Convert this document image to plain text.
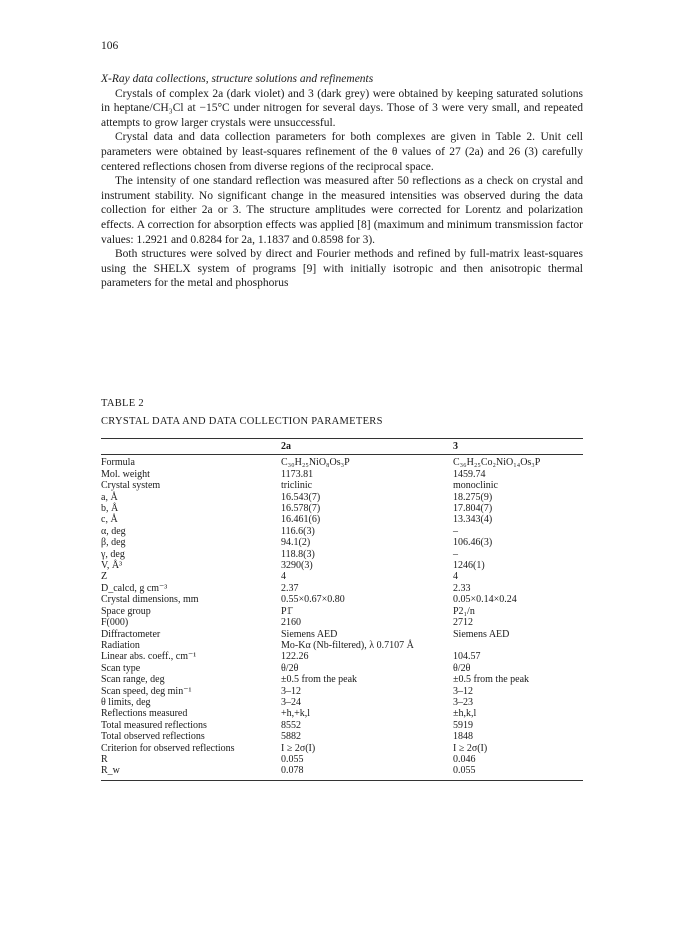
106

X-Ray data collections, structure solutions and refinements

Crystals of complex 2a (dark violet) and 3 (dark grey) were obtained by keeping saturated solutions in heptane/CH₃Cl at −15°C under nitrogen for several days. Those of 3 were very small, and repeated attempts to grow larger crystals were unsuccessful.

Crystal data and data collection parameters for both complexes are given in Table 2. Unit cell parameters were obtained by least-squares refinement of the θ values of 27 (2a) and 26 (3) carefully centered reflections chosen from diverse regions of the reciprocal space.

The intensity of one standard reflection was measured after 50 reflections as a check on crystal and instrument stability. No significant change in the measured intensities was observed during the data collection for either 2a or 3. The structure amplitudes were corrected for Lorentz and polarization effects. A correction for absorption effects was applied [8] (maximum and minimum transmission factor values: 1.2921 and 0.8284 for 2a, 1.1837 and 0.8598 for 3).

Both structures were solved by direct and Fourier methods and refined by full-matrix least-squares using the SHELX system of programs [9] with initially isotropic and then anisotropic thermal parameters for the metal and phosphorus

TABLE 2
CRYSTAL DATA AND DATA COLLECTION PARAMETERS
	2a	3
Formula	C₃₀H₂₅NiO₈Os₃P	C₃₆H₂₅Co₂NiO₁₄Os₃P
Mol. weight	1173.81	1459.74
Crystal system	triclinic	monoclinic
a, Å	16.543(7)	18.275(9)
b, Å	16.578(7)	17.804(7)
c, Å	16.461(6)	13.343(4)
α, deg	116.6(3)	–
β, deg	94.1(2)	106.46(3)
γ, deg	118.8(3)	–
V, Å³	3290(3)	1246(1)
Z	4	4
D_calcd, g cm⁻³	2.37	2.33
Crystal dimensions, mm	0.55×0.67×0.80	0.05×0.14×0.24
Space group	P1̄	P2₁/n
F(000)	2160	2712
Diffractometer	Siemens AED	Siemens AED
Radiation	Mo-Kα (Nb-filtered), λ 0.7107 Å	
Linear abs. coeff., cm⁻¹	122.26	104.57
Scan type	θ/2θ	θ/2θ
Scan range, deg	±0.5 from the peak	±0.5 from the peak
Scan speed, deg min⁻¹	3–12	3–12
θ limits, deg	3–24	3–23
Reflections measured	+h,+k,l	±h,k,l
Total measured reflections	8552	5919
Total observed reflections	5882	1848
Criterion for observed reflections	I ≥ 2σ(I)	I ≥ 2σ(I)
R	0.055	0.046
R_w	0.078	0.055
